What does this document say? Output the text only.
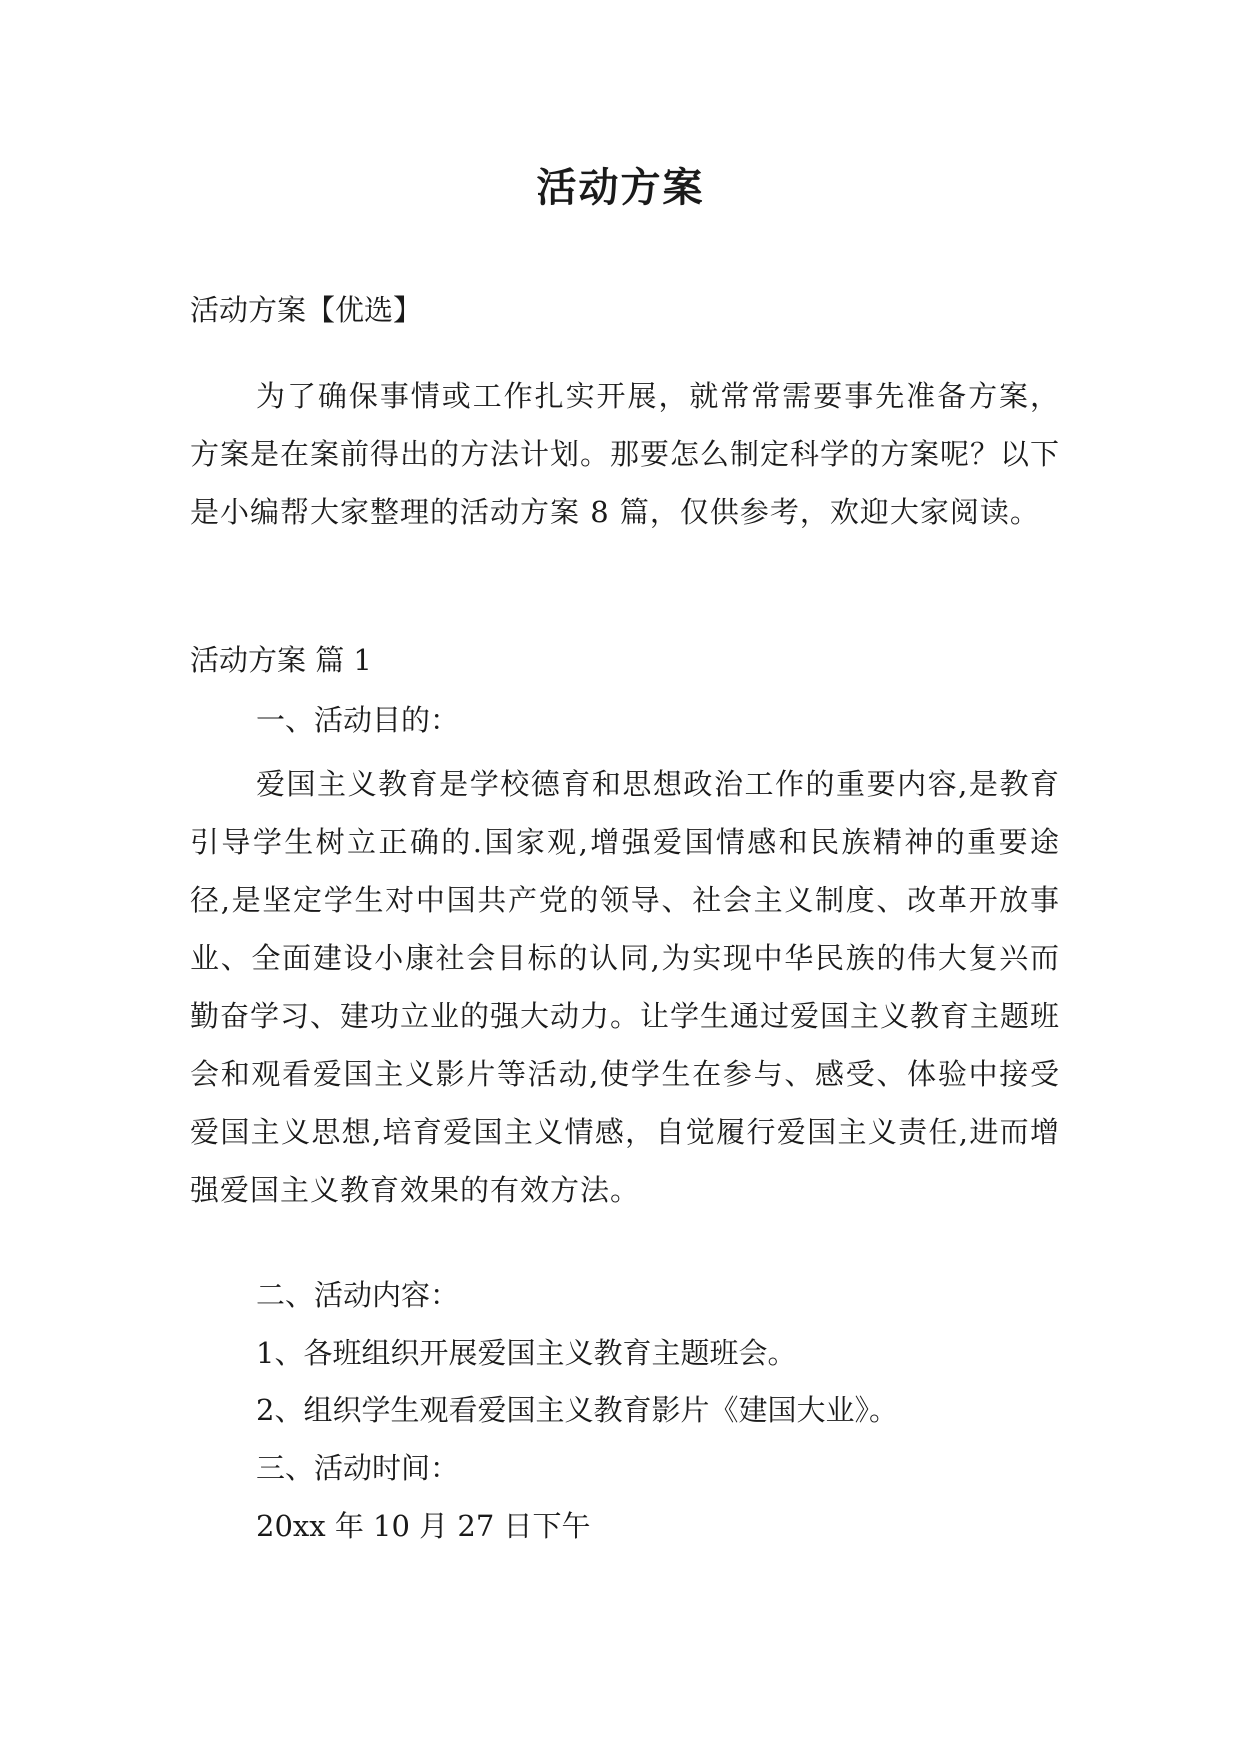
活动方案

活动方案【优选】

为了确保事情或工作扎实开展，就常常需要事先准备方案，方案是在案前得出的方法计划。那要怎么制定科学的方案呢？以下是小编帮大家整理的活动方案 8 篇，仅供参考，欢迎大家阅读。

活动方案 篇 1

一、活动目的：

爱国主义教育是学校德育和思想政治工作的重要内容,是教育引导学生树立正确的.国家观,增强爱国情感和民族精神的重要途径,是坚定学生对中国共产党的领导、社会主义制度、改革开放事业、全面建设小康社会目标的认同,为实现中华民族的伟大复兴而勤奋学习、建功立业的强大动力。让学生通过爱国主义教育主题班会和观看爱国主义影片等活动,使学生在参与、感受、体验中接受爱国主义思想,培育爱国主义情感，自觉履行爱国主义责任,进而增强爱国主义教育效果的有效方法。

二、活动内容：

1、各班组织开展爱国主义教育主题班会。

2、组织学生观看爱国主义教育影片《建国大业》。

三、活动时间：

20xx 年 10 月 27 日下午
